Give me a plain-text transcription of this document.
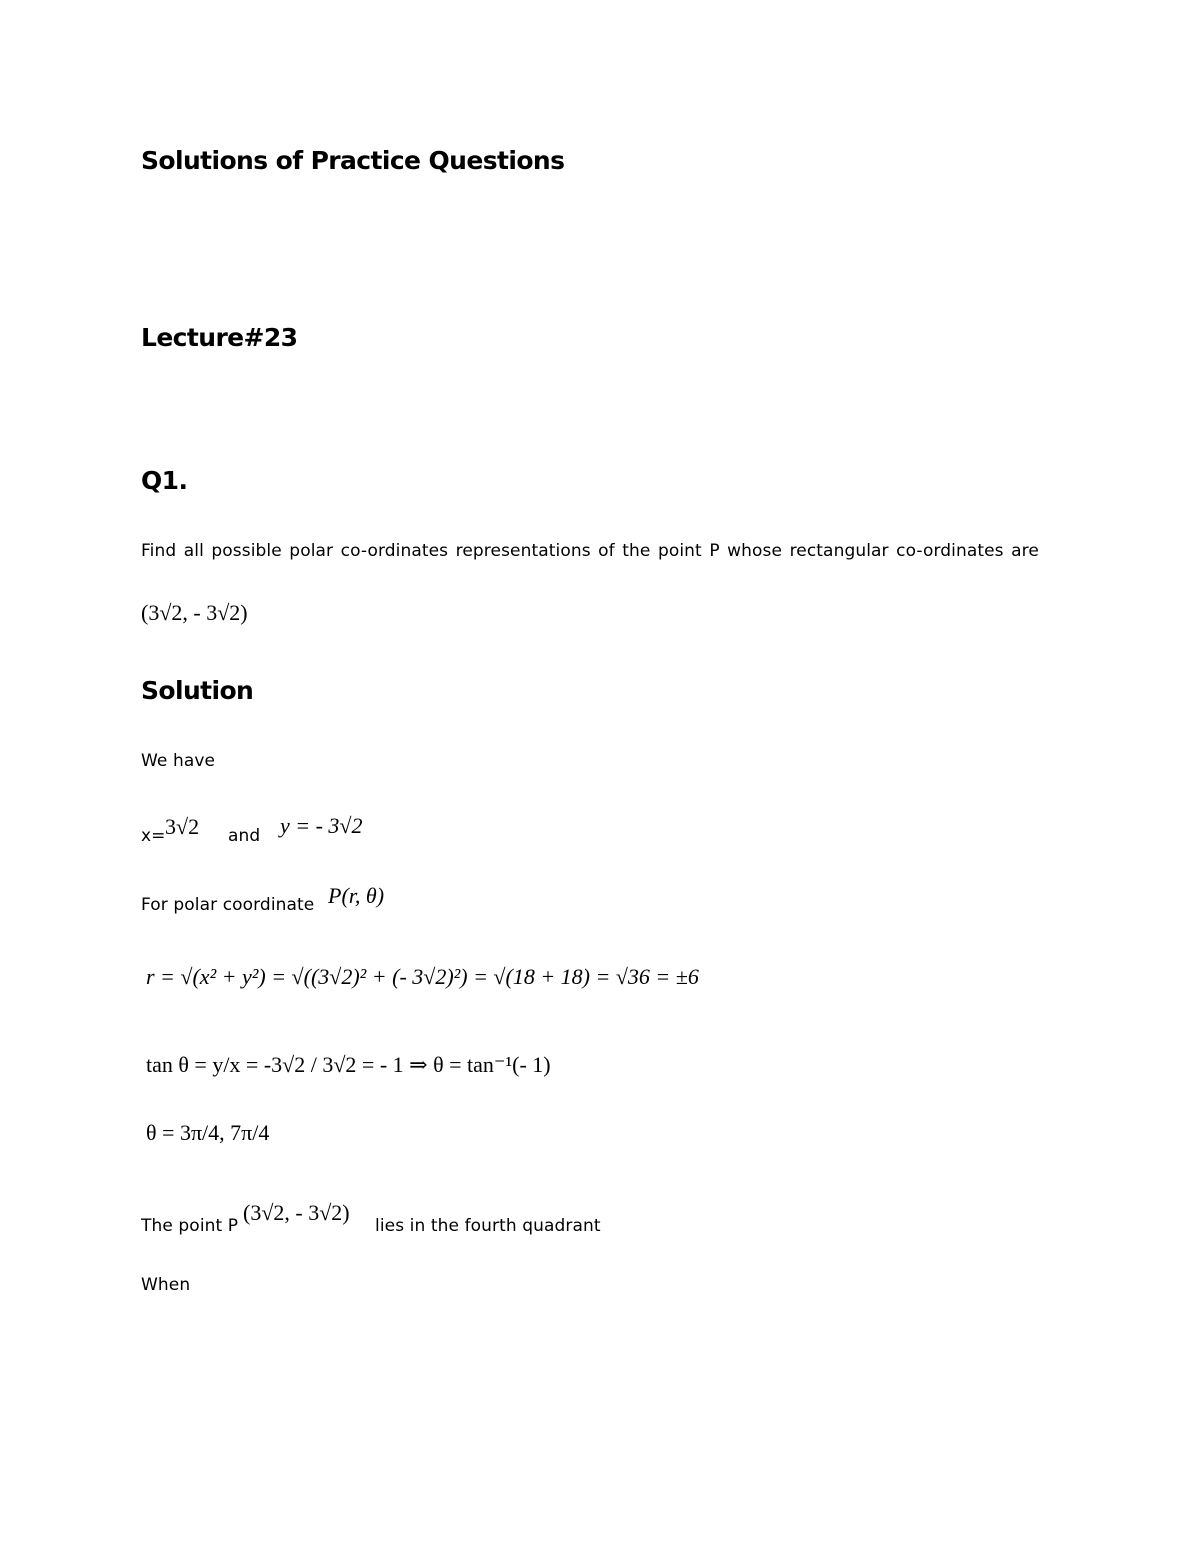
Solutions of Practice Questions
Lecture#23
Q1.
Find all possible polar co-ordinates representations of the point P whose rectangular co-ordinates are
(3√2, - 3√2)
Solution
We have
x= 3√2 and y = - 3√2
For polar coordinate P(r, θ)
r = √(x² + y²) = √((3√2)² + (- 3√2)²) = √(18 + 18) = √36 = ±6
tan θ = y/x = -3√2 / 3√2 = - 1 ⇒ θ = tan⁻¹(- 1)
θ = 3π/4, 7π/4
The point P
(3√2, - 3√2)
lies in the fourth quadrant
When
